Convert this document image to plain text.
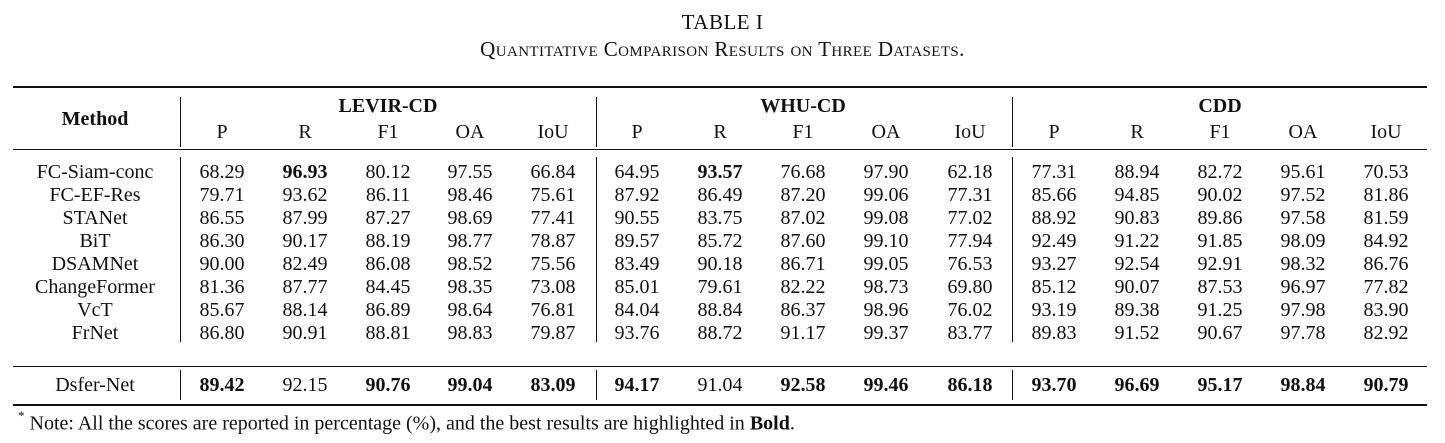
TABLE I
Quantitative Comparison Results on Three Datasets.
Method
LEVIR-CD	WHU-CD	CDD
P	R	F1	OA	IoU	P	R	F1	OA	IoU	P	R	F1	OA	IoU
FC-Siam-conc	68.29	96.93	80.12	97.55	66.84	64.95	93.57	76.68	97.90	62.18	77.31	88.94	82.72	95.61	70.53
FC-EF-Res	79.71	93.62	86.11	98.46	75.61	87.92	86.49	87.20	99.06	77.31	85.66	94.85	90.02	97.52	81.86
STANet	86.55	87.99	87.27	98.69	77.41	90.55	83.75	87.02	99.08	77.02	88.92	90.83	89.86	97.58	81.59
BiT	86.30	90.17	88.19	98.77	78.87	89.57	85.72	87.60	99.10	77.94	92.49	91.22	91.85	98.09	84.92
DSAMNet	90.00	82.49	86.08	98.52	75.56	83.49	90.18	86.71	99.05	76.53	93.27	92.54	92.91	98.32	86.76
ChangeFormer	81.36	87.77	84.45	98.35	73.08	85.01	79.61	82.22	98.73	69.80	85.12	90.07	87.53	96.97	77.82
VcT	85.67	88.14	86.89	98.64	76.81	84.04	88.84	86.37	98.96	76.02	93.19	89.38	91.25	97.98	83.90
FrNet	86.80	90.91	88.81	98.83	79.87	93.76	88.72	91.17	99.37	83.77	89.83	91.52	90.67	97.78	82.92
Dsfer-Net	89.42	92.15	90.76	99.04	83.09	94.17	91.04	92.58	99.46	86.18	93.70	96.69	95.17	98.84	90.79
* Note: All the scores are reported in percentage (%), and the best results are highlighted in Bold.
